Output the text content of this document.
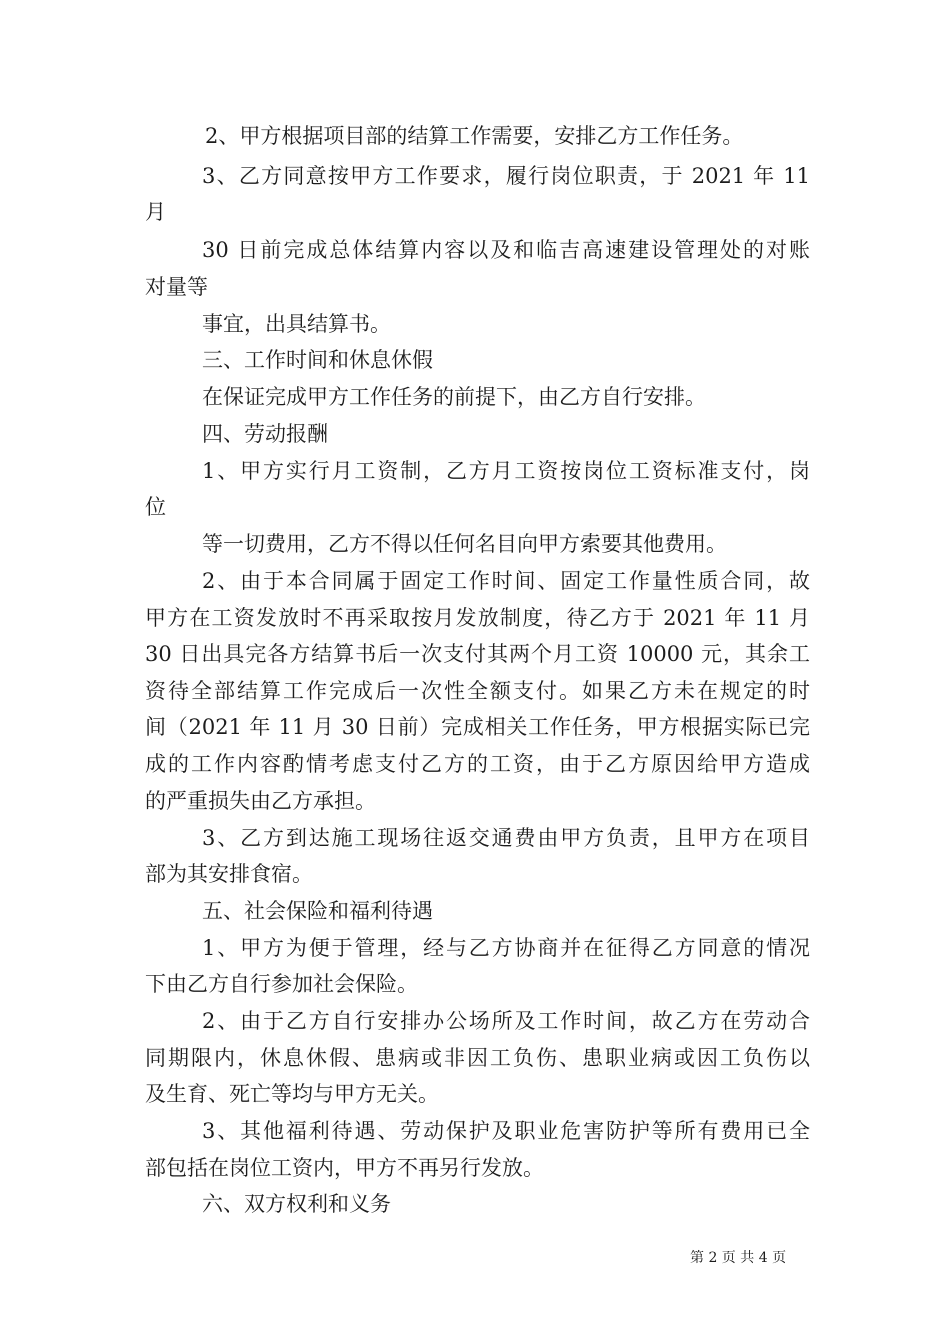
2、甲方根据项目部的结算工作需要，安排乙方工作任务。
3、乙方同意按甲方工作要求，履行岗位职责，于 2021 年 11
月
30 日前完成总体结算内容以及和临吉高速建设管理处的对账
对量等
事宜，出具结算书。
三、工作时间和休息休假
在保证完成甲方工作任务的前提下，由乙方自行安排。
四、劳动报酬
1、甲方实行月工资制，乙方月工资按岗位工资标准支付，岗
位
等一切费用，乙方不得以任何名目向甲方索要其他费用。
2、由于本合同属于固定工作时间、固定工作量性质合同，故
甲方在工资发放时不再采取按月发放制度，待乙方于 2021 年 11 月
30 日出具完各方结算书后一次支付其两个月工资 10000 元，其余工
资待全部结算工作完成后一次性全额支付。如果乙方未在规定的时
间（2021 年 11 月 30 日前）完成相关工作任务，甲方根据实际已完
成的工作内容酌情考虑支付乙方的工资，由于乙方原因给甲方造成
的严重损失由乙方承担。
3、乙方到达施工现场往返交通费由甲方负责，且甲方在项目
部为其安排食宿。
五、社会保险和福利待遇
1、甲方为便于管理，经与乙方协商并在征得乙方同意的情况
下由乙方自行参加社会保险。
2、由于乙方自行安排办公场所及工作时间，故乙方在劳动合
同期限内，休息休假、患病或非因工负伤、患职业病或因工负伤以
及生育、死亡等均与甲方无关。
3、其他福利待遇、劳动保护及职业危害防护等所有费用已全
部包括在岗位工资内，甲方不再另行发放。
六、双方权利和义务
第 2 页 共 4 页
